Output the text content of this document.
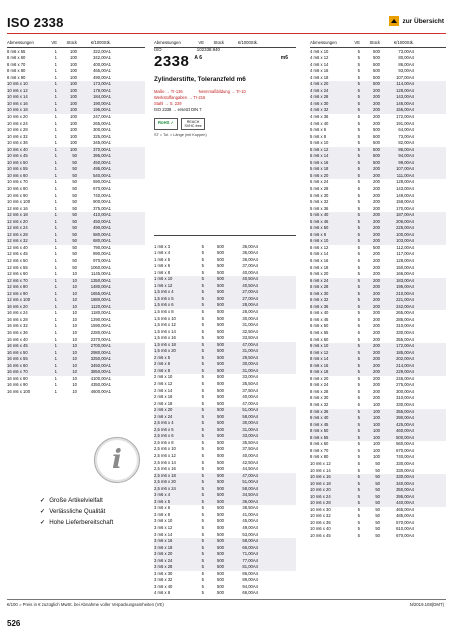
ISO 2338	zur Übersicht
Abmessungen	VE	Stück	€/1000Stk.
8 m6 x 55	1	100	322,00A1
8 m6 x 60	1	100	342,00A1
8 m6 x 70	1	100	400,00A1
8 m6 x 80	1	100	465,00A1
8 m6 x 90	1	100	490,00A1
10 m6 x 10	1	100	173,00A1
10 m6 x 12	1	100	178,00A1
10 m6 x 14	1	100	184,00A1
10 m6 x 16	1	100	190,00A1
10 m6 x 18	1	100	195,00A1
10 m6 x 20	1	100	247,00A1
10 m6 x 24	1	100	265,00A1
10 m6 x 28	1	100	300,00A1
10 m6 x 32	1	100	325,00A1
10 m6 x 36	1	100	345,00A1
10 m6 x 40	1	100	370,00A1
10 m6 x 45	1	50	395,00A1
10 m6 x 50	1	50	450,00A1
10 m6 x 55	1	50	495,00A1
10 m6 x 60	1	50	540,00A1
10 m6 x 70	1	50	590,00A1
10 m6 x 80	1	50	670,00A1
10 m6 x 90	1	50	740,00A1
10 m6 x 100	1	50	900,00A1
12 m6 x 16	1	50	375,00A1
12 m6 x 18	1	50	410,00A1
12 m6 x 20	1	50	450,00A1
12 m6 x 24	1	50	490,00A1
12 m6 x 28	1	50	580,00A1
12 m6 x 32	1	50	680,00A1
12 m6 x 40	1	50	790,00A1
12 m6 x 45	1	50	890,00A1
12 m6 x 50	1	50	970,00A1
12 m6 x 55	1	50	1060,00A1
12 m6 x 60	1	10	1145,00A1
12 m6 x 70	1	10	1350,00A1
12 m6 x 80	1	10	1480,00A1
12 m6 x 90	1	10	1655,00A1
12 m6 x 100	1	10	1880,00A1
16 m6 x 20	1	10	1120,00A1
16 m6 x 24	1	10	1180,00A1
16 m6 x 28	1	10	1290,00A1
16 m6 x 32	1	10	1590,00A1
16 m6 x 36	1	10	2280,00A1
16 m6 x 40	1	10	2370,00A1
16 m6 x 45	1	10	2700,00A1
16 m6 x 50	1	10	2980,00A1
16 m6 x 55	1	10	3250,00A1
16 m6 x 60	1	10	3450,00A1
16 m6 x 70	1	10	3850,00A1
16 m6 x 80	1	10	4100,00A1
16 m6 x 90	1	10	4350,00A1
16 m6 x 100	1	10	4600,00A1
Abmessungen	VE	Stück	€/1000Stk.
1 m6 x 3	5	500	36,00A4
1 m6 x 4	5	500	36,00A4
1 m6 x 5	5	500	36,00A4
1 m6 x 6	5	500	37,00A4
1 m6 x 8	5	500	40,00A4
1 m6 x 10	5	500	40,50A4
1 m6 x 12	5	500	40,50A4
1,5 m6 x 4	5	500	27,00A4
1,5 m6 x 5	5	500	27,00A4
1,5 m6 x 6	5	500	28,00A4
1,5 m6 x 8	5	500	28,00A4
1,5 m6 x 10	5	500	30,00A4
1,5 m6 x 12	5	500	31,00A4
1,5 m6 x 14	5	500	32,50A4
1,5 m6 x 16	5	500	33,50A4
1,5 m6 x 18	5	500	47,00A4
1,5 m6 x 20	5	500	31,00A4
2 m6 x 5	5	500	29,50A4
2 m6 x 6	5	500	30,00A4
2 m6 x 8	5	500	31,00A4
2 m6 x 10	5	500	33,00A4
2 m6 x 12	5	500	35,50A4
2 m6 x 14	5	500	37,50A4
2 m6 x 16	5	500	40,00A4
2 m6 x 18	5	500	47,00A4
2 m6 x 20	5	500	51,00A4
2 m6 x 24	5	500	58,00A4
2,5 m6 x 4	5	500	30,00A4
2,5 m6 x 5	5	500	31,00A4
2,5 m6 x 6	5	500	33,00A4
2,5 m6 x 8	5	500	35,50A4
2,5 m6 x 10	5	500	37,50A4
2,5 m6 x 12	5	500	40,00A4
2,5 m6 x 14	5	500	42,50A4
2,5 m6 x 16	5	500	44,50A4
2,5 m6 x 18	5	500	47,00A4
2,5 m6 x 20	5	500	51,00A4
2,5 m6 x 24	5	500	58,00A4
3 m6 x 4	5	500	34,50A4
3 m6 x 5	5	500	36,00A4
3 m6 x 6	5	500	38,50A4
3 m6 x 8	5	500	41,00A4
3 m6 x 10	5	500	45,00A4
3 m6 x 12	5	500	49,00A4
3 m6 x 14	5	500	53,00A4
3 m6 x 16	5	500	58,00A4
3 m6 x 18	5	500	66,00A4
3 m6 x 20	5	500	71,00A4
3 m6 x 24	5	500	77,00A4
3 m6 x 28	5	500	81,00A4
3 m6 x 30	5	500	86,00A4
3 m6 x 32	5	500	89,00A4
3 m6 x 40	5	500	94,00A4
4 m6 x 8	5	500	66,00A4
ISO	102338.940
2338 A 6	m6
Zylinderstifte, Toleranzfeld m6
Maße → Tr-136	Nennmaßbildung → Tr-10
Werkstoffangaben → Tr-216
Stahl → S. 229
ISO 2338 → ersetzt DIN 7
RoHS ✓	REACH SVHC free
ST = Tol. = Länge (mit Kuppen)
Abmessungen	VE	Stück	€/1000Stk.
4 m6 x 10	5	500	73,00A4
4 m6 x 12	5	500	80,00A4
4 m6 x 14	5	500	86,00A4
4 m6 x 16	5	500	93,00A4
4 m6 x 18	5	500	107,00A4
4 m6 x 20	5	500	114,00A4
4 m6 x 24	5	200	128,00A4
4 m6 x 28	5	200	143,00A4
4 m6 x 30	5	200	146,00A4
4 m6 x 32	5	200	156,00A4
4 m6 x 36	5	200	172,00A4
4 m6 x 40	5	200	191,00A4
5 m6 x 6	5	500	64,00A4
5 m6 x 8	5	500	73,00A4
5 m6 x 10	5	500	82,00A4
5 m6 x 12	5	500	86,00A4
5 m6 x 14	5	500	94,00A4
5 m6 x 16	5	500	99,00A4
5 m6 x 18	5	200	107,00A4
5 m6 x 20	5	200	111,00A4
5 m6 x 24	5	200	128,00A4
5 m6 x 28	5	200	143,00A4
5 m6 x 30	5	200	149,00A4
5 m6 x 32	5	200	158,00A4
5 m6 x 36	5	200	170,00A4
5 m6 x 40	5	200	187,00A4
5 m6 x 45	5	200	206,00A4
5 m6 x 50	5	200	225,00A4
6 m6 x 8	5	200	100,00A4
6 m6 x 10	5	200	103,00A4
6 m6 x 12	5	500	112,00A4
6 m6 x 14	5	200	117,00A4
6 m6 x 16	5	200	128,00A4
6 m6 x 18	5	200	150,00A4
6 m6 x 20	5	200	166,00A4
6 m6 x 24	5	200	183,00A4
6 m6 x 28	5	200	195,00A4
6 m6 x 30	5	200	210,00A4
6 m6 x 32	5	200	221,00A4
6 m6 x 36	5	200	242,00A4
6 m6 x 40	5	200	265,00A4
6 m6 x 45	5	200	285,00A4
6 m6 x 50	5	200	310,00A4
6 m6 x 55	5	200	330,00A4
6 m6 x 60	5	200	355,00A4
8 m6 x 10	5	200	172,00A4
8 m6 x 12	5	200	185,00A4
8 m6 x 14	5	200	202,00A4
8 m6 x 16	5	200	214,00A4
8 m6 x 18	5	200	229,00A4
8 m6 x 20	5	200	246,00A4
8 m6 x 24	5	200	275,00A4
8 m6 x 28	5	200	300,00A4
8 m6 x 30	5	200	310,00A4
8 m6 x 32	5	100	330,00A4
8 m6 x 36	5	100	355,00A4
8 m6 x 40	5	100	390,00A4
8 m6 x 45	5	100	425,00A4
8 m6 x 50	5	100	460,00A4
8 m6 x 55	5	100	500,00A4
8 m6 x 60	5	100	560,00A4
8 m6 x 70	5	100	670,00A4
8 m6 x 80	5	100	740,00A4
10 m6 x 12	5	50	330,00A4
10 m6 x 14	5	50	330,00A4
10 m6 x 16	5	50	330,00A4
10 m6 x 18	5	50	340,00A4
10 m6 x 20	5	50	350,00A4
10 m6 x 24	5	50	395,00A4
10 m6 x 28	5	50	440,00A4
10 m6 x 30	5	50	465,00A4
10 m6 x 32	5	50	485,00A4
10 m6 x 36	5	50	570,00A4
10 m6 x 40	5	50	610,00A4
10 m6 x 45	5	50	670,00A4
i
✓ Große Artikelvielfalt
✓ Verlässliche Qualität
✓ Hohe Lieferbereitschaft
€/100 = Preis in € zuzüglich MwSt. bei Abnahme voller Verpackungseinheiten (VE)	N/2019.108(DMT)
526
